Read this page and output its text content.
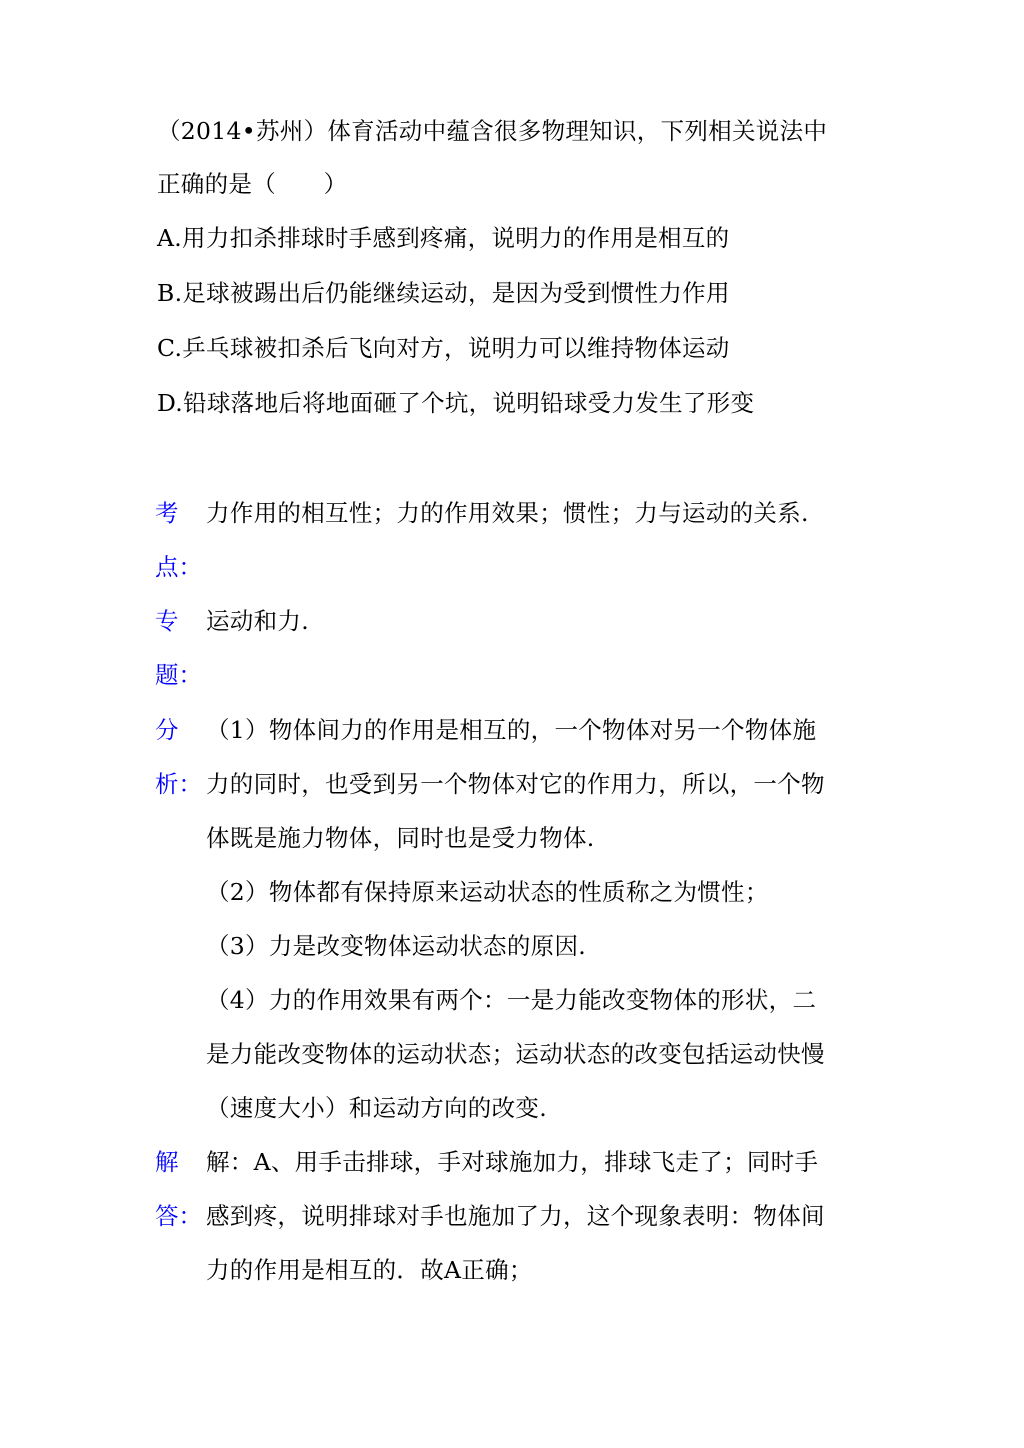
（2014•苏州）体育活动中蕴含很多物理知识，下列相关说法中
正确的是（　　）
A.用力扣杀排球时手感到疼痛，说明力的作用是相互的
B.足球被踢出后仍能继续运动，是因为受到惯性力作用
C.乒乓球被扣杀后飞向对方，说明力可以维持物体运动
D.铅球落地后将地面砸了个坑，说明铅球受力发生了形变
考
点：
力作用的相互性；力的作用效果；惯性；力与运动的关系.
专
题：
运动和力.
分
析：
（1）物体间力的作用是相互的，一个物体对另一个物体施
力的同时，也受到另一个物体对它的作用力，所以，一个物
体既是施力物体，同时也是受力物体.
（2）物体都有保持原来运动状态的性质称之为惯性；
（3）力是改变物体运动状态的原因.
（4）力的作用效果有两个：一是力能改变物体的形状，二
是力能改变物体的运动状态；运动状态的改变包括运动快慢
（速度大小）和运动方向的改变.
解
答：
解：A、用手击排球，手对球施加力，排球飞走了；同时手
感到疼，说明排球对手也施加了力，这个现象表明：物体间
力的作用是相互的．故A正确；
